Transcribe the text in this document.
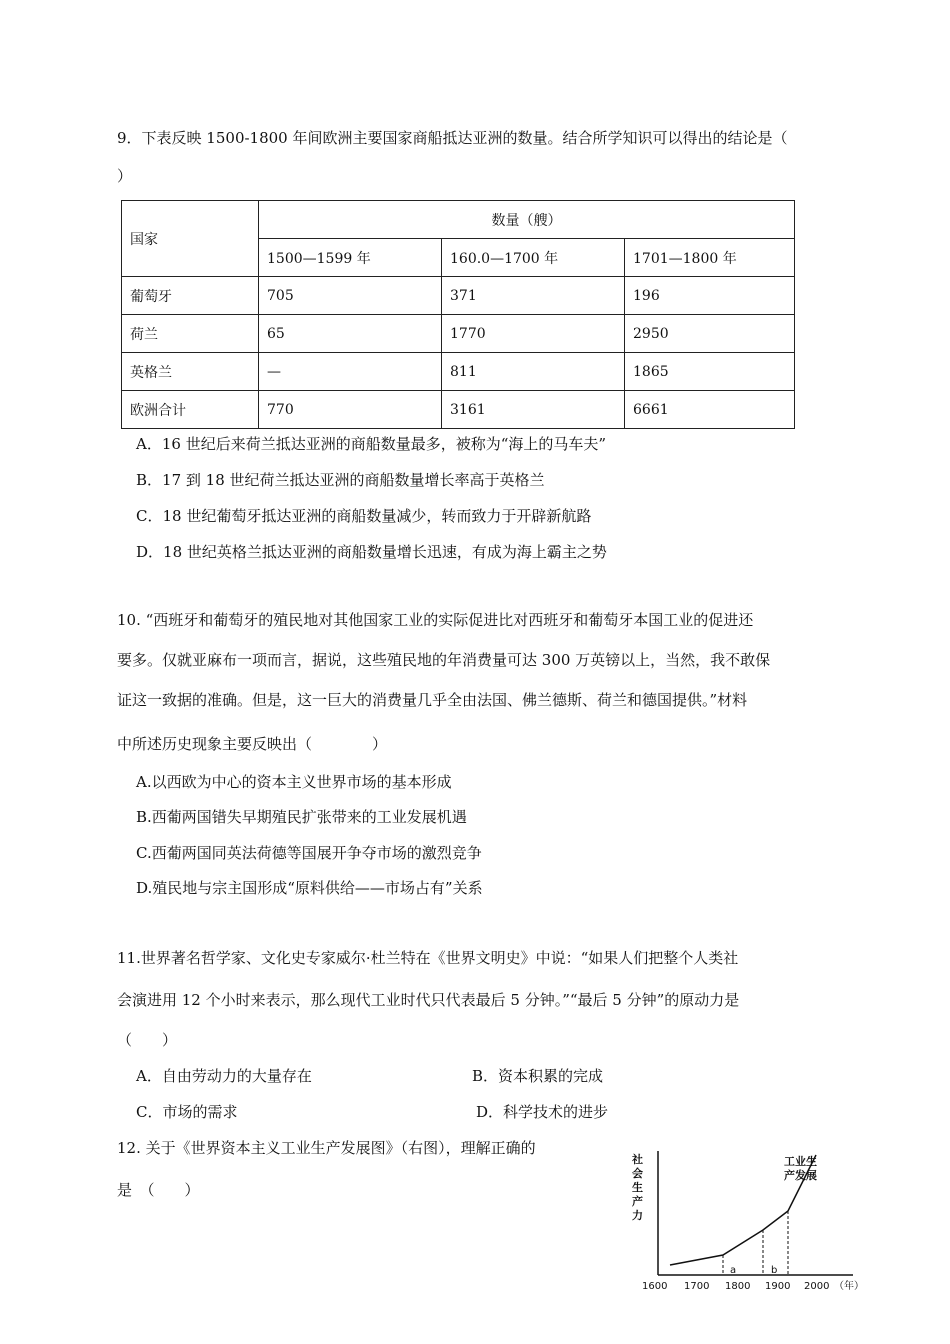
9．下表反映 1500-1800 年间欧洲主要国家商船抵达亚洲的数量。结合所学知识可以得出的结论是（
）
国家	数量（艘）		
	1500—1599 年	160.0—1700 年	1701—1800 年
葡萄牙	705	371	196
荷兰	65	1770	2950
英格兰	—	811	1865
欧洲合计	770	3161	6661
A．16 世纪后来荷兰抵达亚洲的商船数量最多，被称为“海上的马车夫”
B．17 到 18 世纪荷兰抵达亚洲的商船数量增长率高于英格兰
C．18 世纪葡萄牙抵达亚洲的商船数量减少，转而致力于开辟新航路
D．18 世纪英格兰抵达亚洲的商船数量增长迅速，有成为海上霸主之势
10. “西班牙和葡萄牙的殖民地对其他国家工业的实际促进比对西班牙和葡萄牙本国工业的促进还
要多。仅就亚麻布一项而言，据说，这些殖民地的年消费量可达 300 万英镑以上，当然，我不敢保
证这一致据的准确。但是，这一巨大的消费量几乎全由法国、佛兰德斯、荷兰和德国提供。”材料
中所述历史现象主要反映出（　　　　）
A.以西欧为中心的资本主义世界市场的基本形成
B.西葡两国错失早期殖民扩张带来的工业发展机遇
C.西葡两国同英法荷德等国展开争夺市场的激烈竞争
D.殖民地与宗主国形成“原料供给——市场占有”关系
11.世界著名哲学家、文化史专家威尔·杜兰特在《世界文明史》中说：“如果人们把整个人类社
会演进用 12 个小时来表示，那么现代工业时代只代表最后 5 分钟。”“最后 5 分钟”的原动力是
（　　）
A．自由劳动力的大量存在	B．资本积累的完成
C．市场的需求	D．科学技术的进步
12. 关于《世界资本主义工业生产发展图》（右图），理解正确的
是　（　　）
社
会
生
产
力
a	b
工业生
产发展
1600 1700 1800 1900 2000 （年）
